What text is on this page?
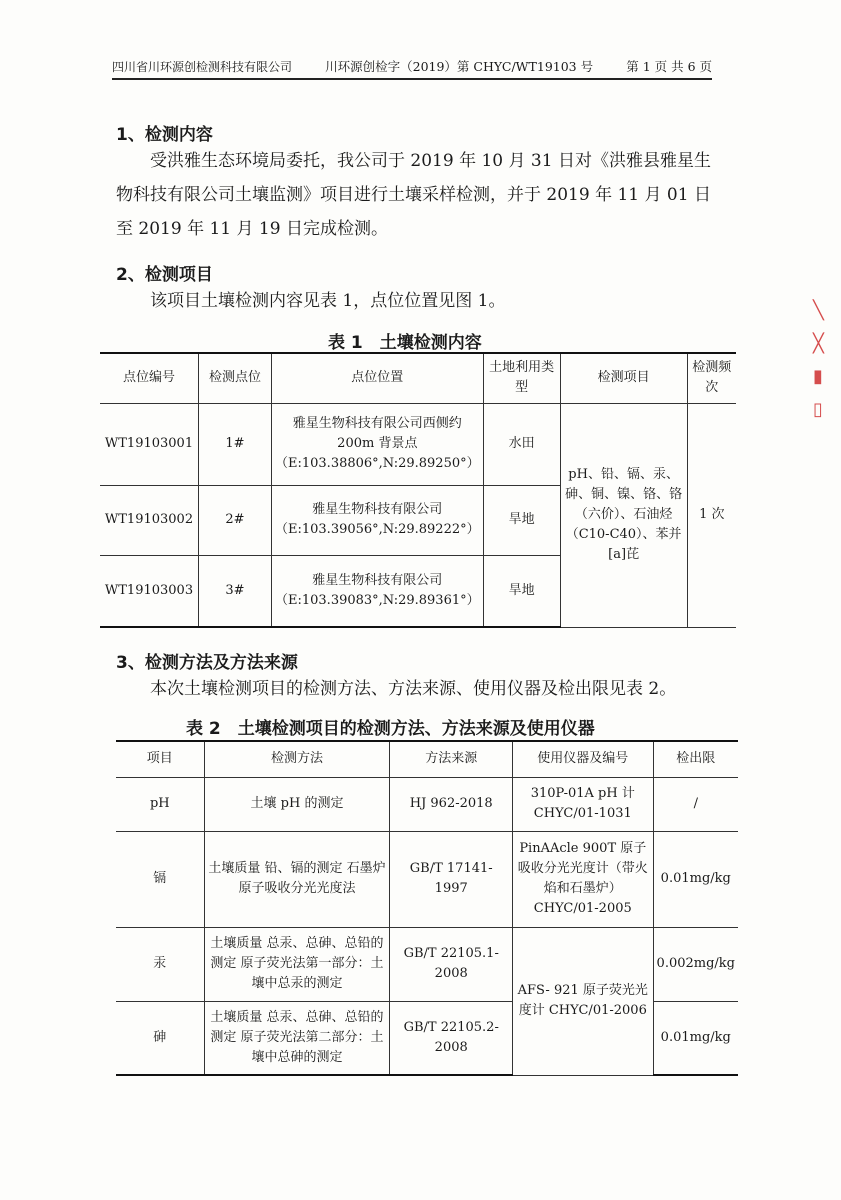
四川省川环源创检测科技有限公司	川环源创检字（2019）第 CHYC/WT19103 号	第 1 页 共 6 页
1、检测内容
受洪雅生态环境局委托，我公司于 2019 年 10 月 31 日对《洪雅县雅星生物科技有限公司土壤监测》项目进行土壤采样检测，并于 2019 年 11 月 01 日至 2019 年 11 月 19 日完成检测。
2、检测项目
该项目土壤检测内容见表 1，点位位置见图 1。
表 1　土壤检测内容
点位编号	检测点位	点位位置	土地利用类型	检测项目	检测频次
WT19103001	1#	雅星生物科技有限公司西侧约 200m 背景点
（E:103.38806°,N:29.89250°）	水田	pH、铅、镉、汞、砷、铜、镍、铬、铬（六价）、石油烃（C10-C40）、苯并[a]芘	1 次
WT19103002	2#	雅星生物科技有限公司
（E:103.39056°,N:29.89222°）	旱地		
WT19103003	3#	雅星生物科技有限公司
（E:103.39083°,N:29.89361°）	旱地		
3、检测方法及方法来源
本次土壤检测项目的检测方法、方法来源、使用仪器及检出限见表 2。
表 2　土壤检测项目的检测方法、方法来源及使用仪器
项目	检测方法	方法来源	使用仪器及编号	检出限
pH	土壤 pH 的测定	HJ 962-2018	310P-01A pH 计 CHYC/01-1031	/
镉	土壤质量 铅、镉的测定 石墨炉原子吸收分光光度法	GB/T 17141-1997	PinAAcle 900T 原子吸收分光光度计（带火焰和石墨炉）CHYC/01-2005	0.01mg/kg
汞	土壤质量 总汞、总砷、总铅的测定 原子荧光法第一部分：土壤中总汞的测定	GB/T 22105.1-2008	AFS- 921 原子荧光光度计 CHYC/01-2006	0.002mg/kg
砷	土壤质量 总汞、总砷、总铅的测定 原子荧光法第二部分：土壤中总砷的测定	GB/T 22105.2-2008		0.01mg/kg
╲
╳
▮
▯
